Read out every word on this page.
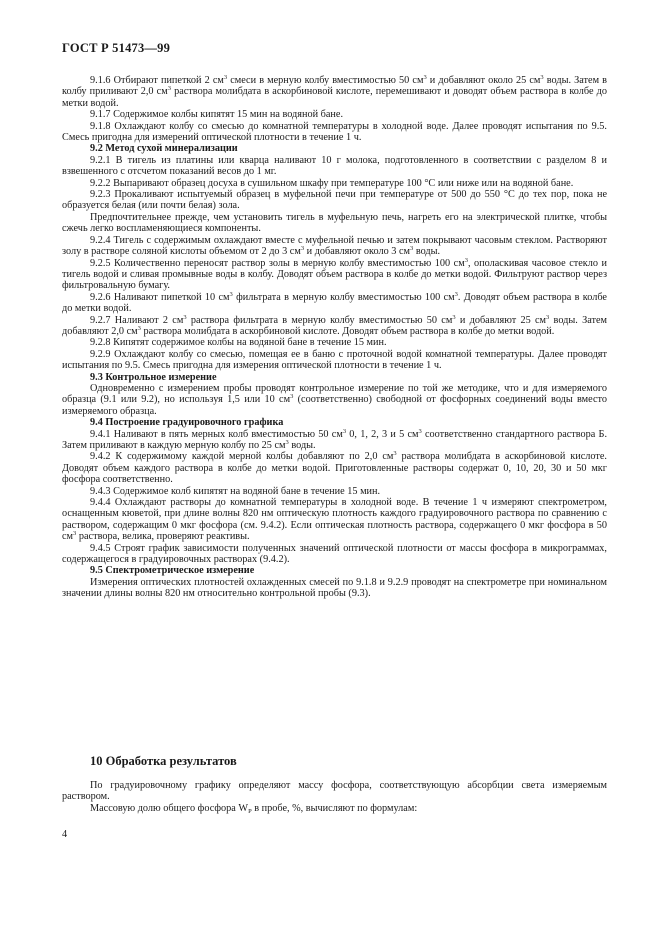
ГОСТ Р 51473—99

9.1.6 Отбирают пипеткой 2 $см^3$ смеси в мерную колбу вместимостью 50 $см^3$ и добавляют около 25 $см^3$ воды. Затем в колбу приливают 2,0 $см^3$ раствора молибдата в аскорбиновой кислоте, перемешивают и доводят объем раствора в колбе до метки водой.

9.1.7 Содержимое колбы кипятят 15 мин на водяной бане.

9.1.8 Охлаждают колбу со смесью до комнатной температуры в холодной воде. Далее проводят испытания по 9.5. Смесь пригодна для измерений оптической плотности в течение 1 ч.

9.2 Метод сухой минерализации

9.2.1 В тигель из платины или кварца наливают 10 г молока, подготовленного в соответствии с разделом 8 и взвешенного с отсчетом показаний весов до 1 мг.

9.2.2 Выпаривают образец досуха в сушильном шкафу при температуре 100 °С или ниже или на водяной бане.

9.2.3 Прокаливают испытуемый образец в муфельной печи при температуре от 500 до 550 °С до тех пор, пока не образуется белая (или почти белая) зола.

Предпочтительнее прежде, чем установить тигель в муфельную печь, нагреть его на электрической плитке, чтобы сжечь легко воспламеняющиеся компоненты.

9.2.4 Тигель с содержимым охлаждают вместе с муфельной печью и затем покрывают часовым стеклом. Растворяют золу в растворе соляной кислоты объемом от 2 до 3 $см^3$ и добавляют около 3 $см^3$ воды.

9.2.5 Количественно переносят раствор золы в мерную колбу вместимостью 100 $см^3$, ополаскивая часовое стекло и тигель водой и сливая промывные воды в колбу. Доводят объем раствора в колбе до метки водой. Фильтруют раствор через фильтровальную бумагу.

9.2.6 Наливают пипеткой 10 $см^3$ фильтрата в мерную колбу вместимостью 100 $см^3$. Доводят объем раствора в колбе до метки водой.

9.2.7 Наливают 2 $см^3$ раствора фильтрата в мерную колбу вместимостью 50 $см^3$ и добавляют 25 $см^3$ воды. Затем добавляют 2,0 $см^3$ раствора молибдата в аскорбиновой кислоте. Доводят объем раствора в колбе до метки водой.

9.2.8 Кипятят содержимое колбы на водяной бане в течение 15 мин.

9.2.9 Охлаждают колбу со смесью, помещая ее в баню с проточной водой комнатной температуры. Далее проводят испытания по 9.5. Смесь пригодна для измерения оптической плотности в течение 1 ч.

9.3 Контрольное измерение

Одновременно с измерением пробы проводят контрольное измерение по той же методике, что и для измеряемого образца (9.1 или 9.2), но используя 1,5 или 10 $см^3$ (соответственно) свободной от фосфорных соединений воды вместо измеряемого образца.

9.4 Построение градуировочного графика

9.4.1 Наливают в пять мерных колб вместимостью 50 $см^3$ 0, 1, 2, 3 и 5 $см^3$ соответственно стандартного раствора Б. Затем приливают в каждую мерную колбу по 25 $см^3$ воды.

9.4.2 К содержимому каждой мерной колбы добавляют по 2,0 $см^3$ раствора молибдата в аскорбиновой кислоте. Доводят объем каждого раствора в колбе до метки водой. Приготовленные растворы содержат 0, 10, 20, 30 и 50 мкг фосфора соответственно.

9.4.3 Содержимое колб кипятят на водяной бане в течение 15 мин.

9.4.4 Охлаждают растворы до комнатной температуры в холодной воде. В течение 1 ч измеряют спектрометром, оснащенным кюветой, при длине волны 820 нм оптическую плотность каждого градуировочного раствора по сравнению с раствором, содержащим 0 мкг фосфора (см. 9.4.2). Если оптическая плотность раствора, содержащего 0 мкг фосфора в 50 $см^3$ раствора, велика, проверяют реактивы.

9.4.5 Строят график зависимости полученных значений оптической плотности от массы фосфора в микрограммах, содержащегося в градуировочных растворах (9.4.2).

9.5 Спектрометрическое измерение

Измерения оптических плотностей охлажденных смесей по 9.1.8 и 9.2.9 проводят на спектрометре при номинальном значении длины волны 820 нм относительно контрольной пробы (9.3).

10 Обработка результатов

По градуировочному графику определяют массу фосфора, соответствующую абсорбции света измеряемым раствором.

Массовую долю общего фосфора $W_P$ в пробе, %, вычисляют по формулам:

4
